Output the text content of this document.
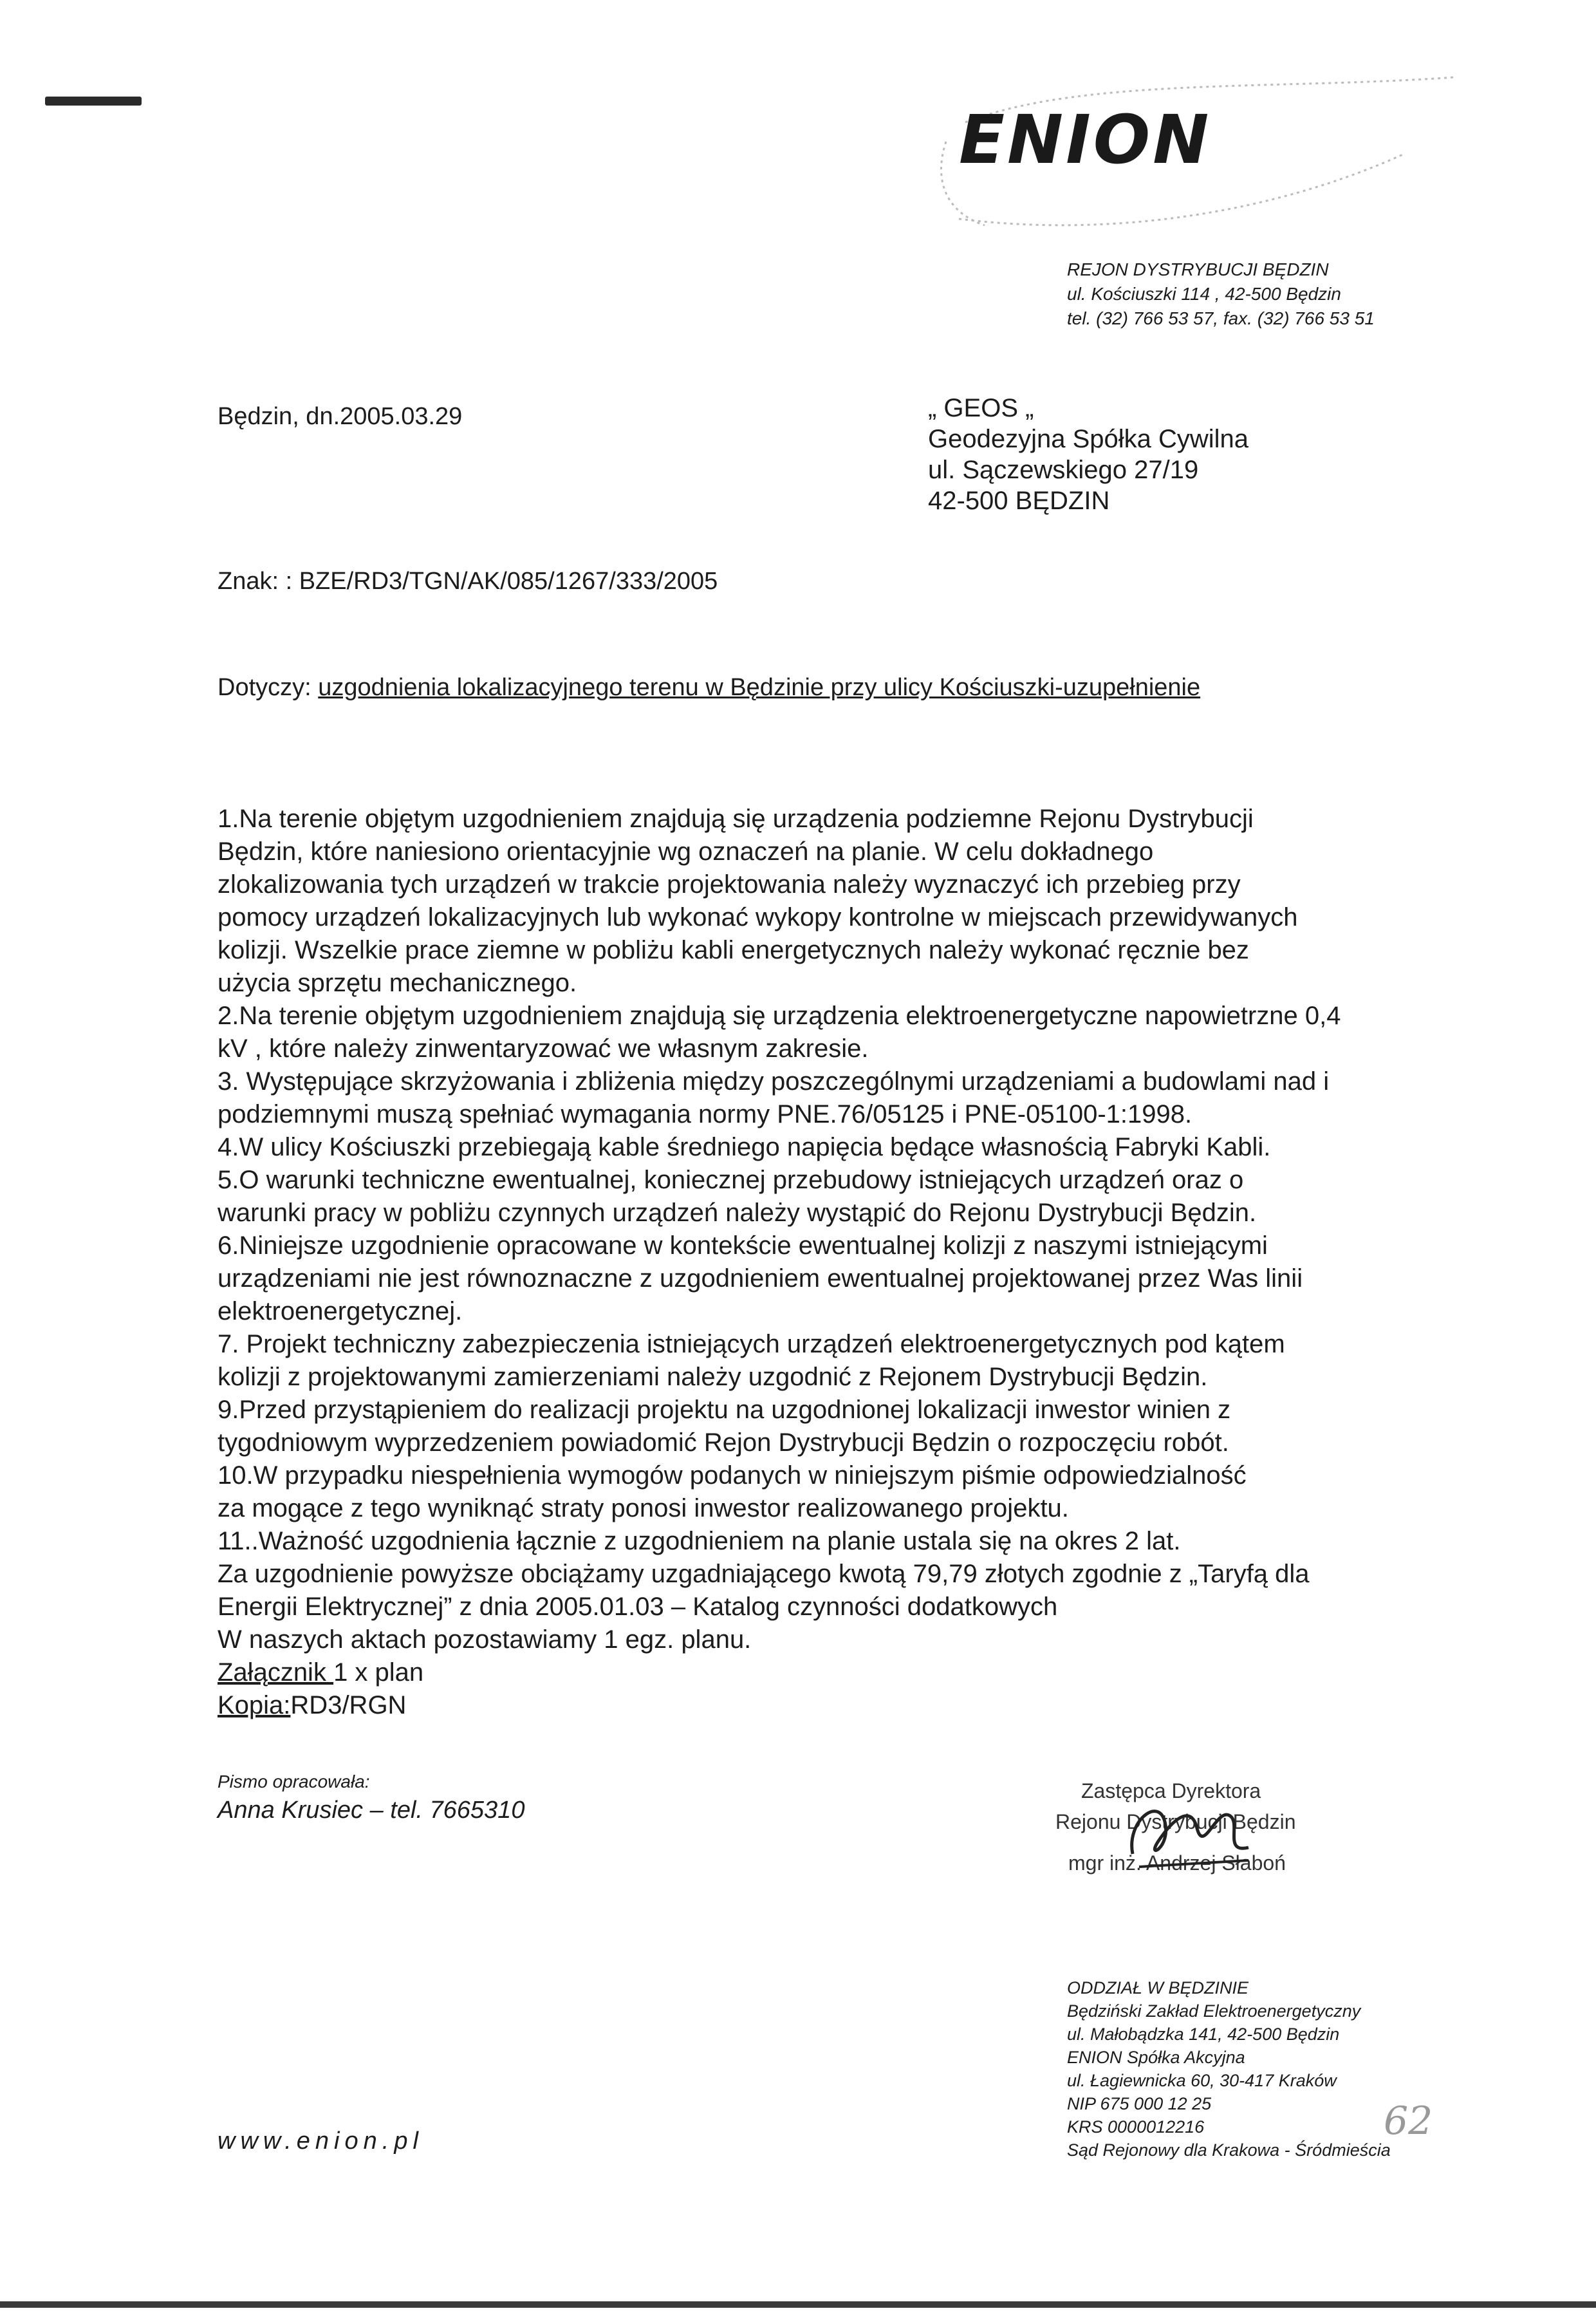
ENION
REJON DYSTRYBUCJI BĘDZIN
ul. Kościuszki 114 , 42-500 Będzin
tel. (32) 766 53 57, fax. (32) 766 53 51
Będzin, dn.2005.03.29	„ GEOS „
Geodezyjna Spółka Cywilna
ul. Sączewskiego 27/19
42-500 BĘDZIN
Znak: : BZE/RD3/TGN/AK/085/1267/333/2005
Dotyczy: uzgodnienia lokalizacyjnego terenu w Będzinie przy ulicy Kościuszki-uzupełnienie
1.Na terenie objętym uzgodnieniem znajdują się urządzenia podziemne Rejonu Dystrybucji
Będzin, które naniesiono orientacyjnie wg oznaczeń na planie. W celu dokładnego
zlokalizowania tych urządzeń w trakcie projektowania należy wyznaczyć ich przebieg przy
pomocy urządzeń lokalizacyjnych lub wykonać wykopy kontrolne w miejscach przewidywanych
kolizji. Wszelkie prace ziemne w pobliżu kabli energetycznych należy wykonać ręcznie bez
użycia sprzętu mechanicznego.
2.Na terenie objętym uzgodnieniem znajdują się urządzenia elektroenergetyczne napowietrzne 0,4
kV , które należy zinwentaryzować we własnym zakresie.
3. Występujące skrzyżowania i zbliżenia między poszczególnymi urządzeniami a budowlami nad i
podziemnymi muszą spełniać wymagania normy PNE.76/05125 i PNE-05100-1:1998.
4.W ulicy Kościuszki przebiegają kable średniego napięcia będące własnością Fabryki Kabli.
5.O warunki techniczne ewentualnej, koniecznej przebudowy istniejących urządzeń oraz o
warunki pracy w pobliżu czynnych urządzeń należy wystąpić do Rejonu Dystrybucji Będzin.
6.Niniejsze uzgodnienie opracowane w kontekście ewentualnej kolizji z naszymi istniejącymi
urządzeniami nie jest równoznaczne z uzgodnieniem ewentualnej projektowanej przez Was linii
elektroenergetycznej.
7. Projekt techniczny zabezpieczenia istniejących urządzeń elektroenergetycznych pod kątem
kolizji z projektowanymi zamierzeniami należy uzgodnić z Rejonem Dystrybucji Będzin.
9.Przed przystąpieniem do realizacji projektu na uzgodnionej lokalizacji inwestor winien z
tygodniowym wyprzedzeniem powiadomić Rejon Dystrybucji Będzin o rozpoczęciu robót.
10.W przypadku niespełnienia wymogów podanych w niniejszym piśmie odpowiedzialność
za mogące z tego wyniknąć straty ponosi inwestor realizowanego projektu.
11..Ważność uzgodnienia łącznie z uzgodnieniem na planie ustala się na okres 2 lat.
Za uzgodnienie powyższe obciążamy uzgadniającego kwotą 79,79 złotych zgodnie z „Taryfą dla
Energii Elektrycznej” z dnia 2005.01.03 – Katalog czynności dodatkowych
W naszych aktach pozostawiamy 1 egz. planu.
Załącznik 1 x plan
Kopia:RD3/RGN
Pismo opracowała:
Anna Krusiec – tel. 7665310
Zastępca Dyrektora
Rejonu Dystrybucji Będzin
mgr inż. Andrzej Słaboń
ODDZIAŁ W BĘDZINIE
Będziński Zakład Elektroenergetyczny
ul. Małobądzka 141, 42-500 Będzin
ENION Spółka Akcyjna
ul. Łagiewnicka 60, 30-417 Kraków
NIP 675 000 12 25
KRS 0000012216
Sąd Rejonowy dla Krakowa - Śródmieścia
www.enion.pl	62
